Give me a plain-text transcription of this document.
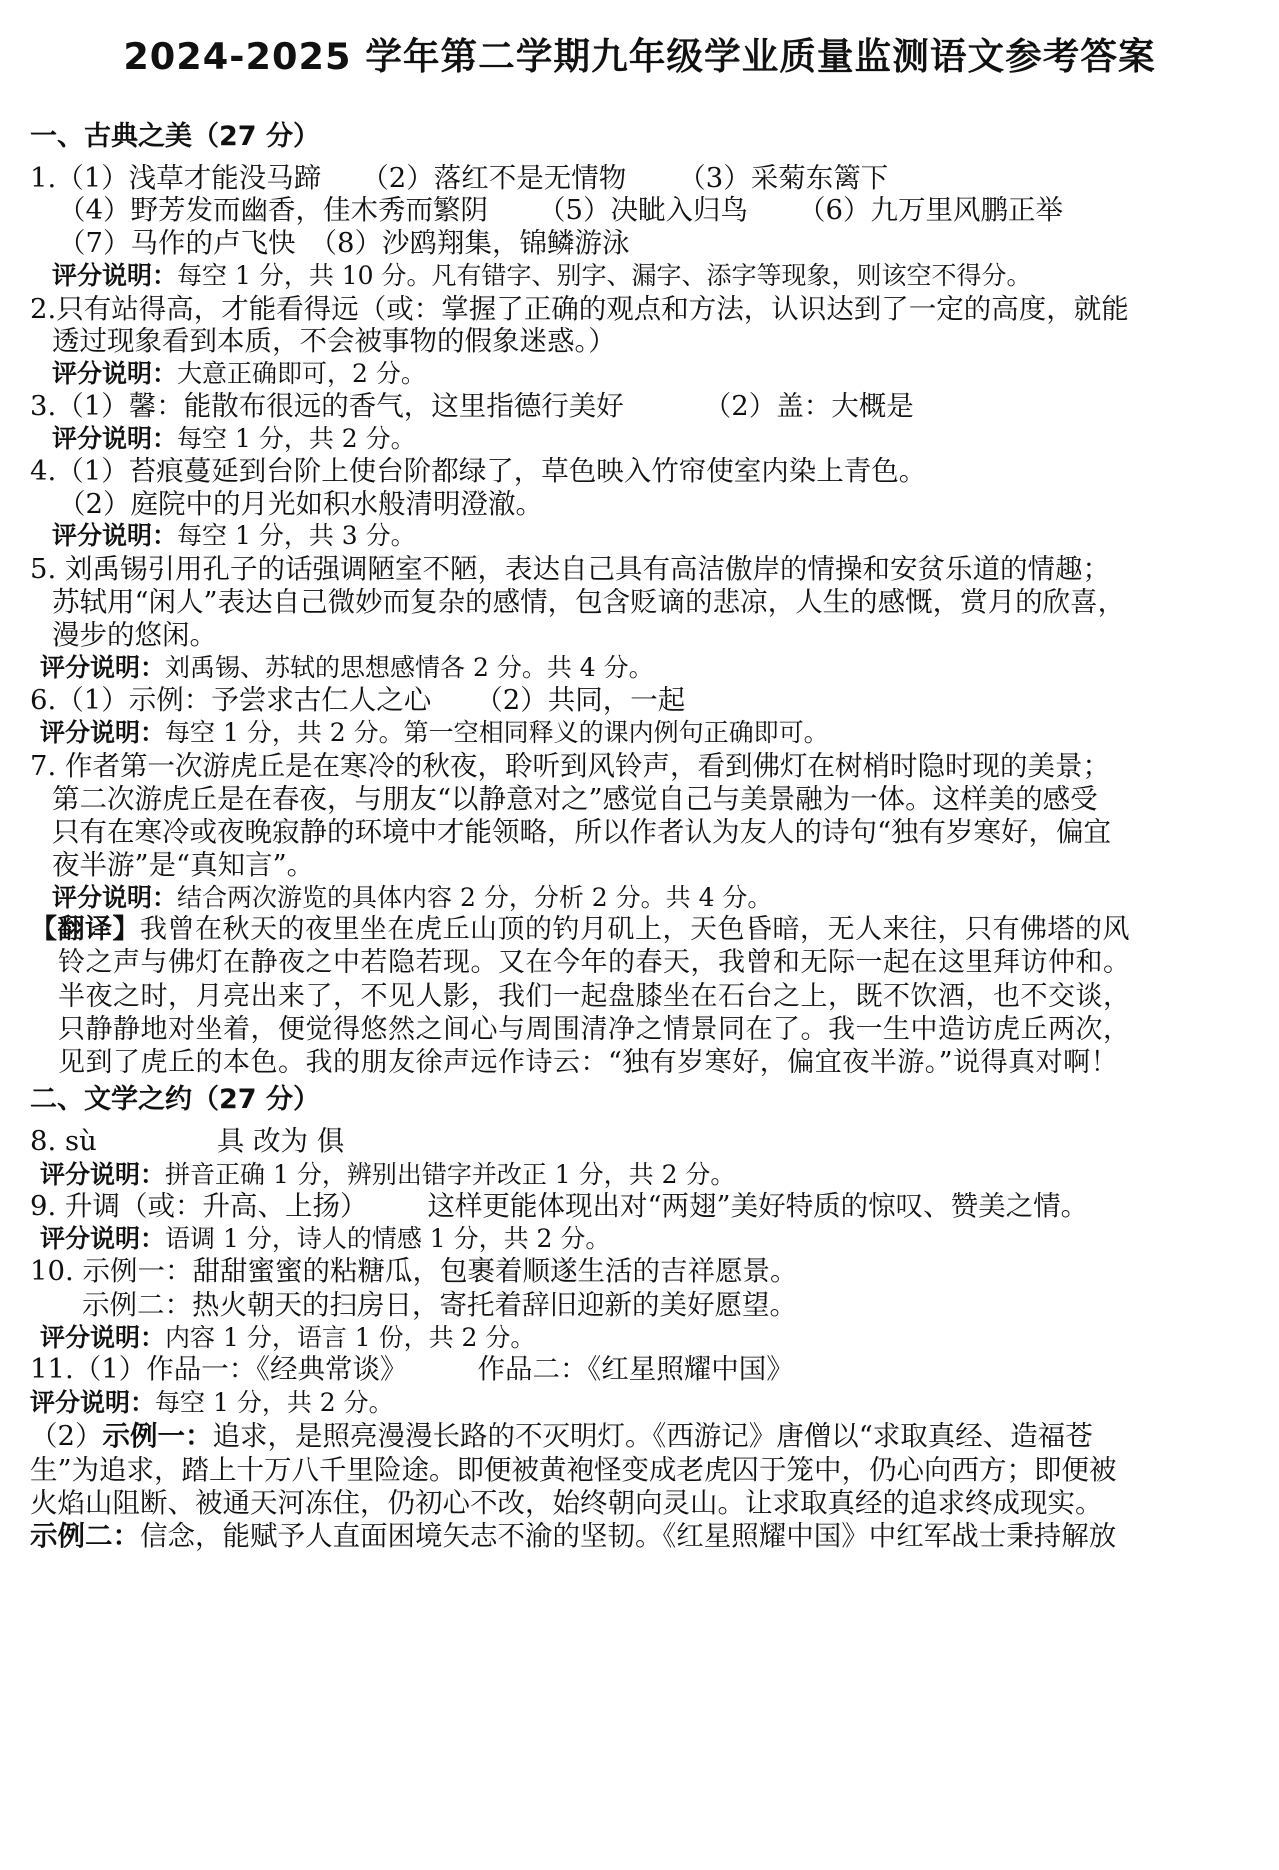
2024-2025 学年第二学期九年级学业质量监测语文参考答案
一、古典之美（27 分）
1.（1）浅草才能没马蹄 （2）落红不是无情物 （3）采菊东篱下
（4）野芳发而幽香，佳木秀而繁阴 （5）决眦入归鸟 （6）九万里风鹏正举
（7）马作的卢飞快 （8）沙鸥翔集，锦鳞游泳
评分说明：每空 1 分，共 10 分。凡有错字、别字、漏字、添字等现象，则该空不得分。
2.只有站得高，才能看得远（或：掌握了正确的观点和方法，认识达到了一定的高度，就能
透过现象看到本质，不会被事物的假象迷惑。）
评分说明：大意正确即可，2 分。
3.（1）馨：能散布很远的香气，这里指德行美好	（2）盖：大概是
评分说明：每空 1 分，共 2 分。
4.（1）苔痕蔓延到台阶上使台阶都绿了，草色映入竹帘使室内染上青色。
（2）庭院中的月光如积水般清明澄澈。
评分说明：每空 1 分，共 3 分。
5. 刘禹锡引用孔子的话强调陋室不陋，表达自己具有高洁傲岸的情操和安贫乐道的情趣；
苏轼用“闲人”表达自己微妙而复杂的感情，包含贬谪的悲凉，人生的感慨，赏月的欣喜，
漫步的悠闲。
评分说明：刘禹锡、苏轼的思想感情各 2 分。共 4 分。
6.（1）示例：予尝求古仁人之心 （2）共同，一起
评分说明：每空 1 分，共 2 分。第一空相同释义的课内例句正确即可。
7. 作者第一次游虎丘是在寒冷的秋夜，聆听到风铃声，看到佛灯在树梢时隐时现的美景；
第二次游虎丘是在春夜，与朋友“以静意对之”感觉自己与美景融为一体。这样美的感受
只有在寒冷或夜晚寂静的环境中才能领略，所以作者认为友人的诗句“独有岁寒好，偏宜
夜半游”是“真知言”。
评分说明：结合两次游览的具体内容 2 分，分析 2 分。共 4 分。
【翻译】我曾在秋天的夜里坐在虎丘山顶的钓月矶上，天色昏暗，无人来往，只有佛塔的风
铃之声与佛灯在静夜之中若隐若现。又在今年的春天，我曾和无际一起在这里拜访仲和。
半夜之时，月亮出来了，不见人影，我们一起盘膝坐在石台之上，既不饮酒，也不交谈，
只静静地对坐着，便觉得悠然之间心与周围清净之情景同在了。我一生中造访虎丘两次，
见到了虎丘的本色。我的朋友徐声远作诗云：“独有岁寒好，偏宜夜半游。”说得真对啊！
二、文学之约（27 分）
8. sù	具 改为 俱
评分说明：拼音正确 1 分，辨别出错字并改正 1 分，共 2 分。
9. 升调（或：升高、上扬） 这样更能体现出对“两翅”美好特质的惊叹、赞美之情。
评分说明：语调 1 分，诗人的情感 1 分，共 2 分。
10. 示例一：甜甜蜜蜜的粘糖瓜，包裹着顺遂生活的吉祥愿景。
示例二：热火朝天的扫房日，寄托着辞旧迎新的美好愿望。
评分说明：内容 1 分，语言 1 份，共 2 分。
11.（1）作品一：《经典常谈》	作品二：《红星照耀中国》
评分说明：每空 1 分，共 2 分。
（2）示例一：追求，是照亮漫漫长路的不灭明灯。《西游记》唐僧以“求取真经、造福苍
生”为追求，踏上十万八千里险途。即便被黄袍怪变成老虎囚于笼中，仍心向西方；即便被
火焰山阻断、被通天河冻住，仍初心不改，始终朝向灵山。让求取真经的追求终成现实。
示例二：信念，能赋予人直面困境矢志不渝的坚韧。《红星照耀中国》中红军战士秉持解放
